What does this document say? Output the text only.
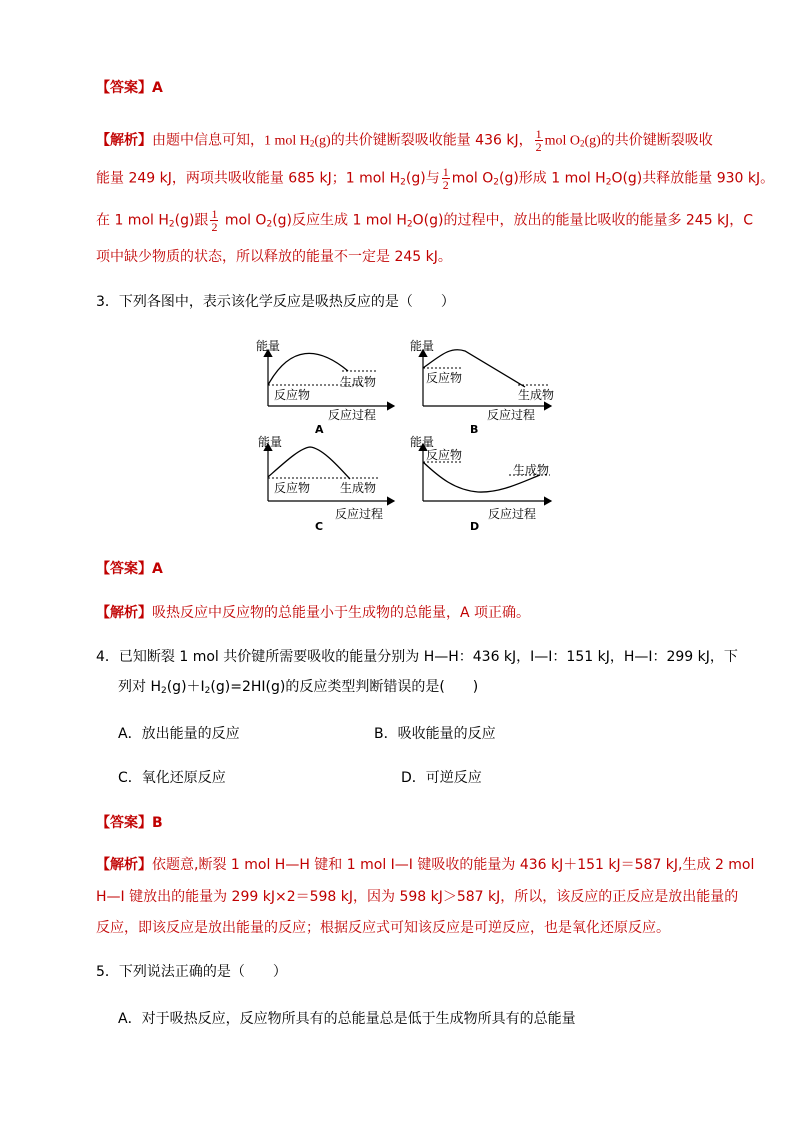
【答案】A
【解析】由题中信息可知，1 mol $H_2(g)$的共价键断裂吸收能量 436 kJ， $\frac{1}{2}$ mol $O_2(g)$的共价键断裂吸收
能量 249 kJ，两项共吸收能量 685 kJ；1 mol $H_2(g)$与 $\frac{1}{2}$ mol $O_2(g)$形成 1 mol $H_2O(g)$共释放能量 930 kJ。
在 1 mol $H_2(g)$跟 $\frac{1}{2}$ mol $O_2(g)$反应生成 1 mol $H_2O(g)$的过程中，放出的能量比吸收的能量多 245 kJ，C
项中缺少物质的状态，所以释放的能量不一定是 245 kJ。
3．下列各图中，表示该化学反应是吸热反应的是（　　）
能量
反应物
生成物
反应过程
A
能量
反应物
生成物
反应过程
B
能量
反应物 生成物
反应过程
C
能量
反应物
生成物
反应过程
D
【答案】A
【解析】吸热反应中反应物的总能量小于生成物的总能量，A 项正确。
4．已知断裂 1 mol 共价键所需要吸收的能量分别为 H—H：436 kJ，I—I：151 kJ，H—I：299 kJ，下
列对 $H_2(g)+I_2(g)=2HI(g)$的反应类型判断错误的是(　　)
A．放出能量的反应	B．吸收能量的反应
C．氧化还原反应	D．可逆反应
【答案】B
【解析】依题意,断裂 1 mol H—H 键和 1 mol I—I 键吸收的能量为 436 kJ＋151 kJ＝587 kJ,生成 2 mol
H—I 键放出的能量为 299 kJ×2＝598 kJ，因为 598 kJ＞587 kJ，所以，该反应的正反应是放出能量的
反应，即该反应是放出能量的反应；根据反应式可知该反应是可逆反应，也是氧化还原反应。
5．下列说法正确的是（　　）
A．对于吸热反应，反应物所具有的总能量总是低于生成物所具有的总能量
